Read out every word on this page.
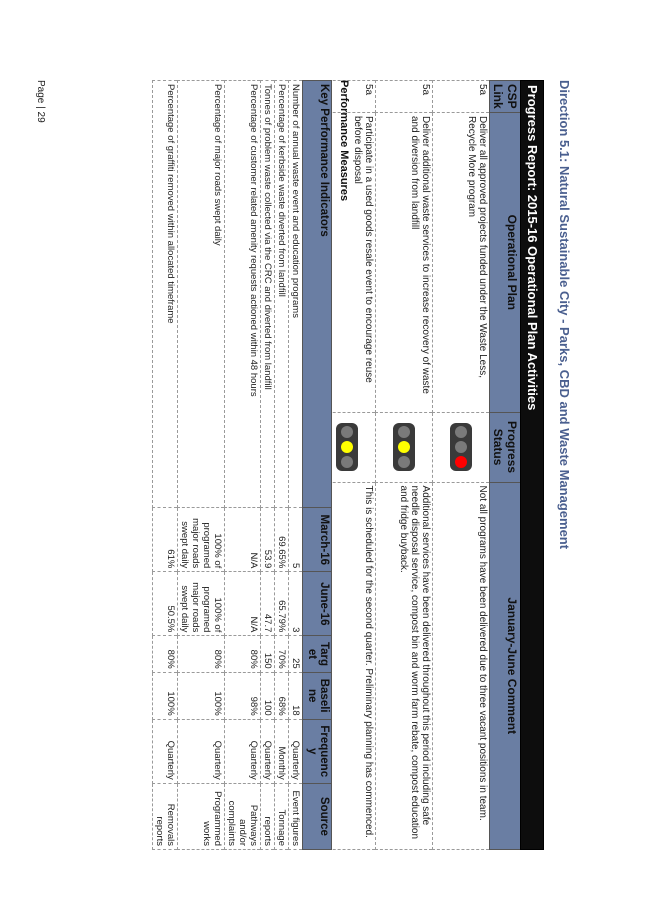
Direction 5.1: Natural Sustainable City - Parks, CBD and Waste Management
Progress Report: 2015-16 Operational Plan Activities			
CSP Link	Operational Plan	Progress Status	January-June Comment
5a	Deliver all approved projects funded under the Waste Less, Recycle More program		Not all programs have been delivered due to three vacant positions in team.
5a	Deliver additional waste services to increase recovery of waste and diversion from landfill		Additional services have been delivered throughout this period including safe needle disposal service, compost bin and worm farm rebate, compost education and fridge buyback.
5a	Participate in a used goods resale event to encourage reuse before disposal		This is scheduled for the second quarter. Preliminary planning has commenced.
Performance Measures
Key Performance Indicators	March-16	June-16	Targ et	Baseli ne	Frequenc y	Source
Number of annual waste event and education programs	5	3	25	18	Quarterly	Event figures
Percentage of kerbside waste diverted from landfill	69.65%	65.79%	70%	68%	Monthly	Tonnage
Tonnes of problem waste collected via the CRC and diverted from landfill	53.9	47.7	150	100	Quarterly	reports
Percentage of customer related amenity requests actioned within 48 hours	N/A	N/A	80%	98%	Quarterly	Pathways and/or complaints
Percentage of major roads swept daily	100% of programed major roads swept daily	100% of programed major roads swept daily	80%	100%	Quarterly	Programmed works
Percentage of graffiti removed within allocated timeframe	61%	50.5%	80%	100%	Quarterly	Removals reports
Page | 29
